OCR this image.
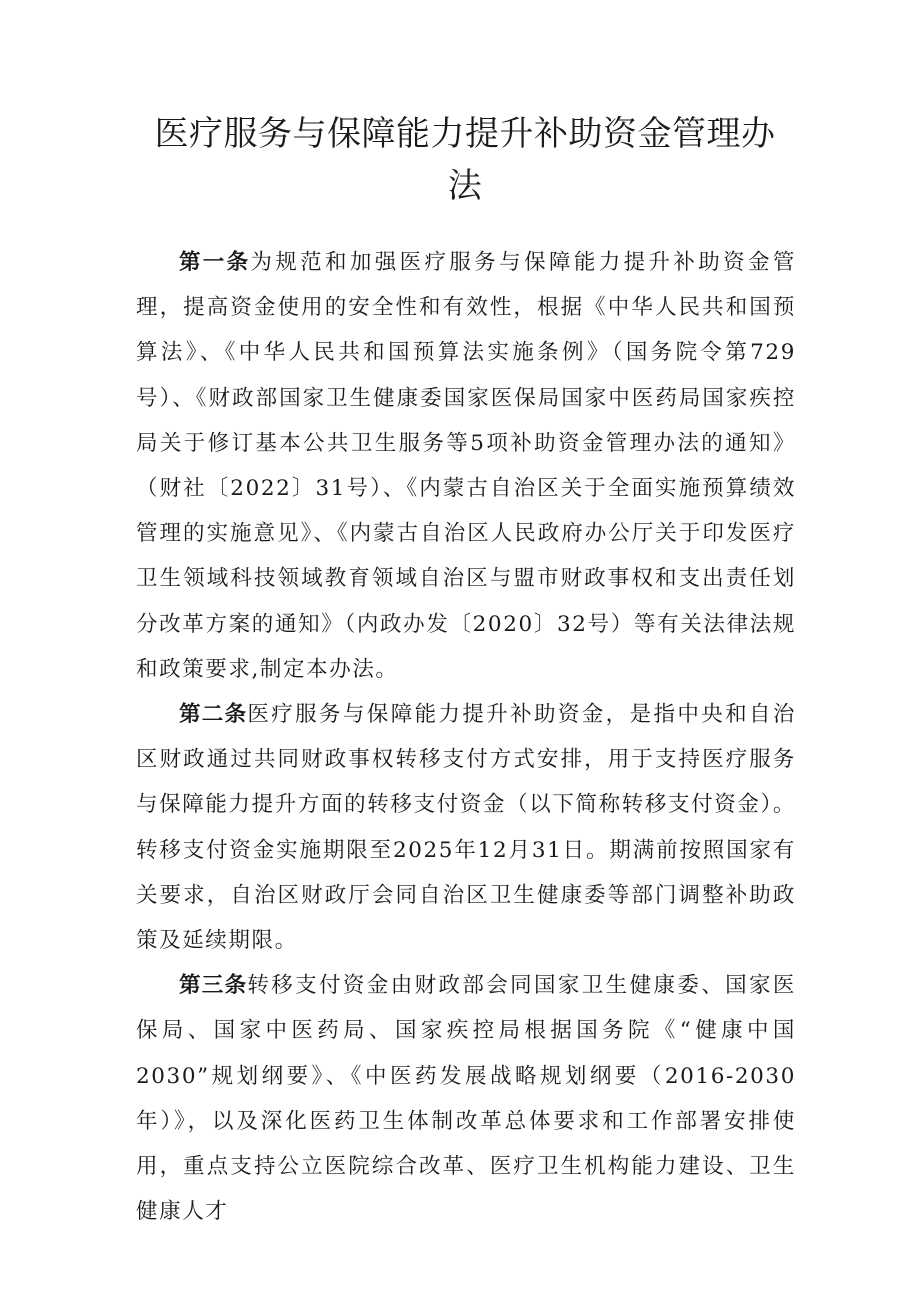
医疗服务与保障能力提升补助资金管理办法

第一条为规范和加强医疗服务与保障能力提升补助资金管理，提高资金使用的安全性和有效性，根据《中华人民共和国预算法》、《中华人民共和国预算法实施条例》（国务院令第729号）、《财政部国家卫生健康委国家医保局国家中医药局国家疾控局关于修订基本公共卫生服务等5项补助资金管理办法的通知》（财社〔2022〕31号）、《内蒙古自治区关于全面实施预算绩效管理的实施意见》、《内蒙古自治区人民政府办公厅关于印发医疗卫生领域科技领域教育领域自治区与盟市财政事权和支出责任划分改革方案的通知》（内政办发〔2020〕32号）等有关法律法规和政策要求,制定本办法。

第二条医疗服务与保障能力提升补助资金，是指中央和自治区财政通过共同财政事权转移支付方式安排，用于支持医疗服务与保障能力提升方面的转移支付资金（以下简称转移支付资金）。转移支付资金实施期限至2025年12月31日。期满前按照国家有关要求，自治区财政厅会同自治区卫生健康委等部门调整补助政策及延续期限。

第三条转移支付资金由财政部会同国家卫生健康委、国家医保局、国家中医药局、国家疾控局根据国务院《“健康中国2030”规划纲要》、《中医药发展战略规划纲要（2016-2030年）》，以及深化医药卫生体制改革总体要求和工作部署安排使用，重点支持公立医院综合改革、医疗卫生机构能力建设、卫生健康人才
